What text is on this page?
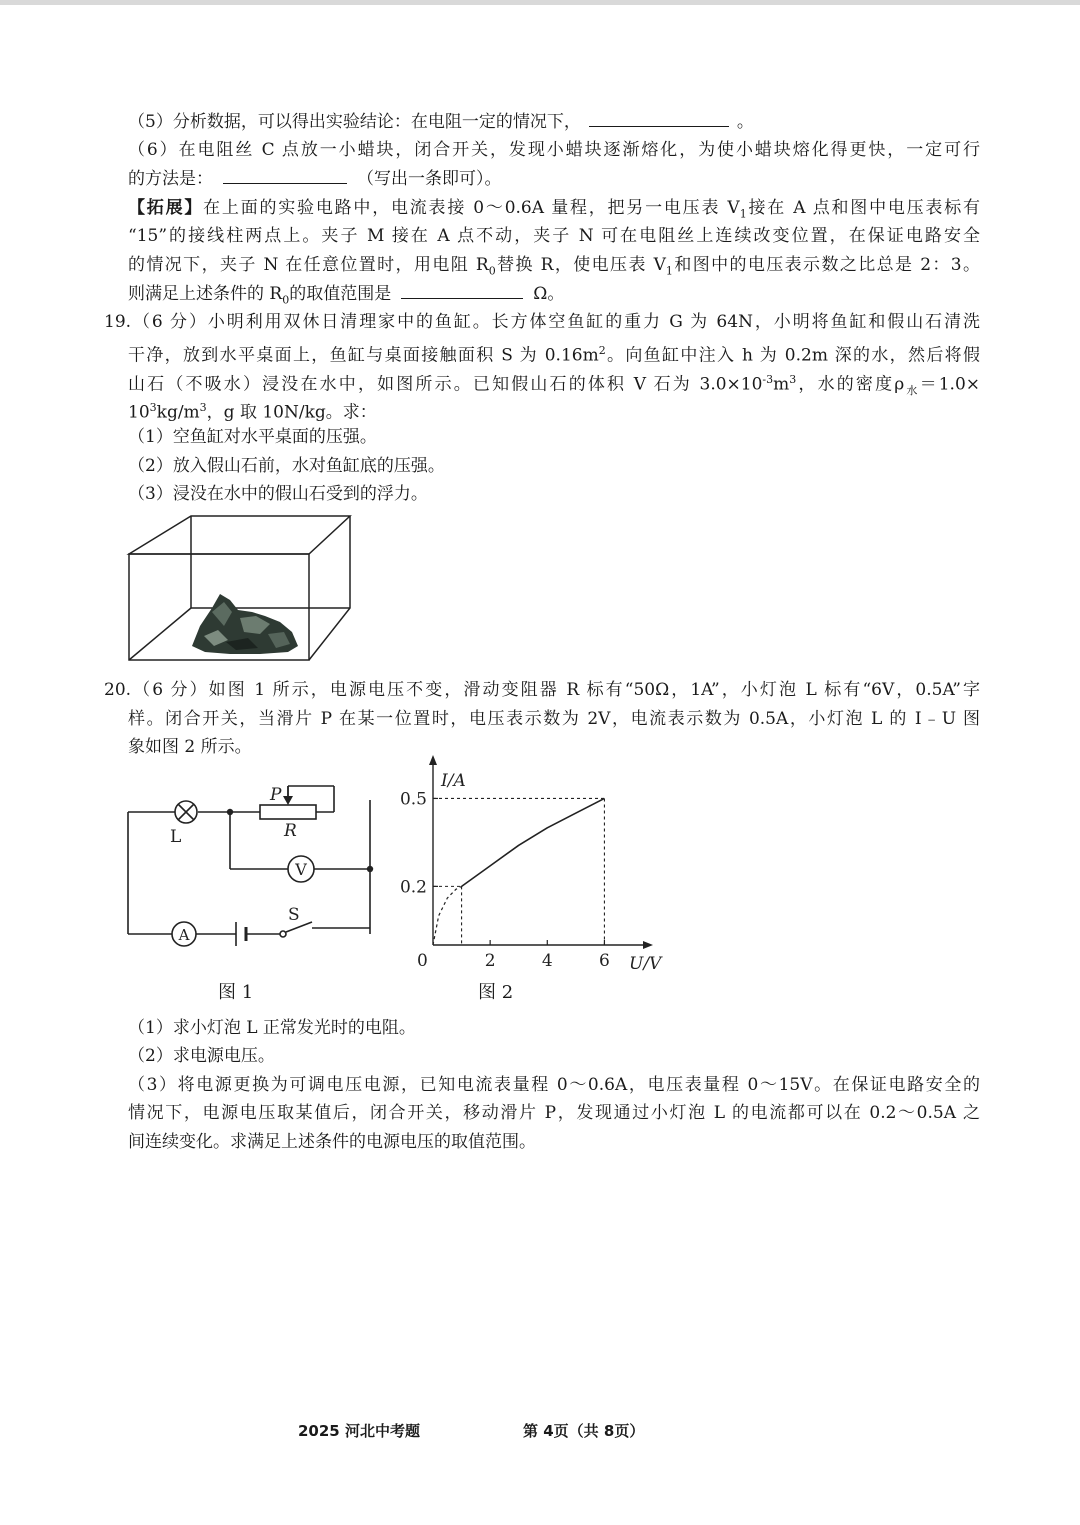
（5）分析数据，可以得出实验结论：在电阻一定的情况下，	。
（6）在电阻丝 C 点放一小蜡块，闭合开关，发现小蜡块逐渐熔化，为使小蜡块熔化得更快，一定可行
的方法是：	（写出一条即可）。
【拓展】在上面的实验电路中，电流表接 0～0.6A 量程，把另一电压表 $V_1$接在 A 点和图中电压表标有
“15”的接线柱两点上。夹子 M 接在 A 点不动，夹子 N 可在电阻丝上连续改变位置，在保证电路安全
的情况下，夹子 N 在任意位置时，用电阻 $R_0$替换 R，使电压表 $V_1$和图中的电压表示数之比总是 2：3。
则满足上述条件的 $R_0$的取值范围是	Ω。
19.（6 分）小明利用双休日清理家中的鱼缸。长方体空鱼缸的重力 G 为 64N，小明将鱼缸和假山石清洗
干净，放到水平桌面上，鱼缸与桌面接触面积 S 为 $0.16m^2$。向鱼缸中注入 h 为 0.2m 深的水，然后将假
山石（不吸水）浸没在水中，如图所示。已知假山石的体积 V 石为 $3.0\times 10^{-3}m^3$，水的密度$\rho_水=1.0\times$
$10^3kg/m^3$，g 取 10N/kg。求：
（1）空鱼缸对水平桌面的压强。
（2）放入假山石前，水对鱼缸底的压强。
（3）浸没在水中的假山石受到的浮力。
20.（6 分）如图 1 所示，电源电压不变，滑动变阻器 R 标有“50Ω，1A”，小灯泡 L 标有“6V，0.5A”字
样。闭合开关，当滑片 P 在某一位置时，电压表示数为 2V，电流表示数为 0.5A，小灯泡 L 的 I﹣U 图
象如图 2 所示。
V
A
L
P
R
S
图 1
2	4	6
0.5
0.2
I/A
U/V
0
图 2
（1）求小灯泡 L 正常发光时的电阻。
（2）求电源电压。
（3）将电源更换为可调电压电源，已知电流表量程 0～0.6A，电压表量程 0～15V。在保证电路安全的
情况下，电源电压取某值后，闭合开关，移动滑片 P，发现通过小灯泡 L 的电流都可以在 0.2～0.5A 之
间连续变化。求满足上述条件的电源电压的取值范围。
2025 河北中考题	第 4页（共 8页）
